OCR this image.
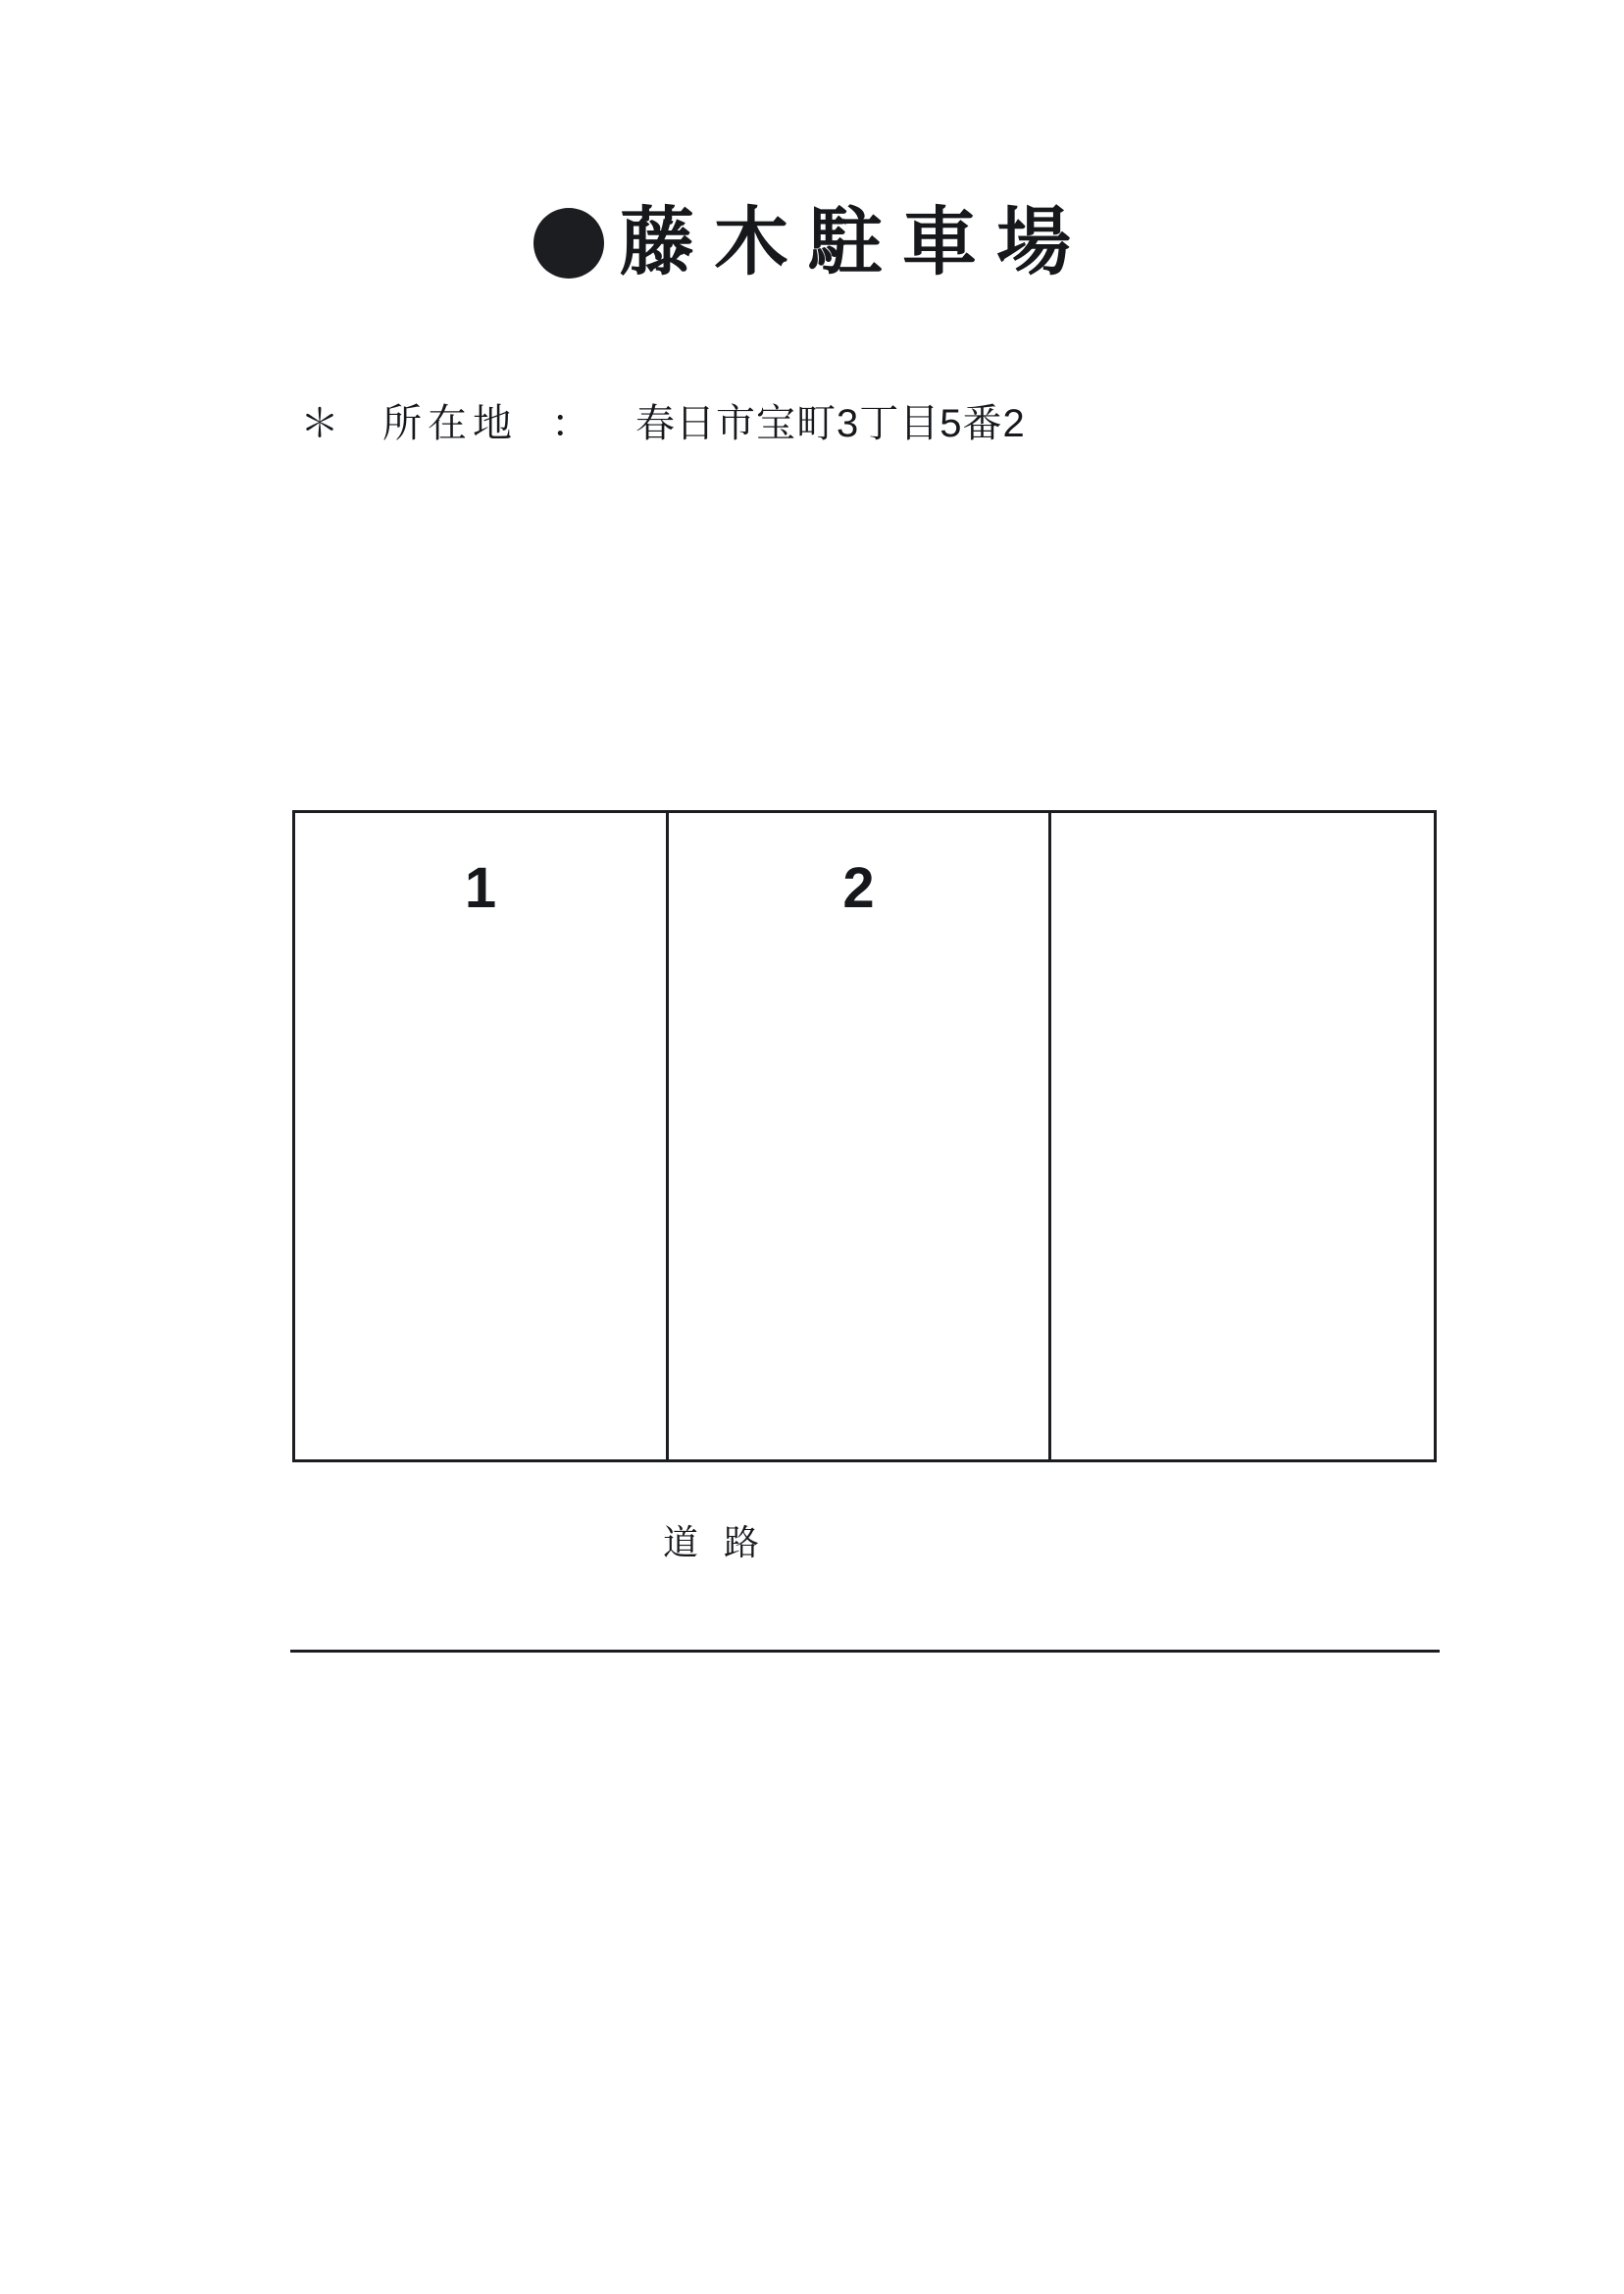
藤木駐車場
＊ 所在地 ： 春日市宝町3丁目5番2
1	2
道路
